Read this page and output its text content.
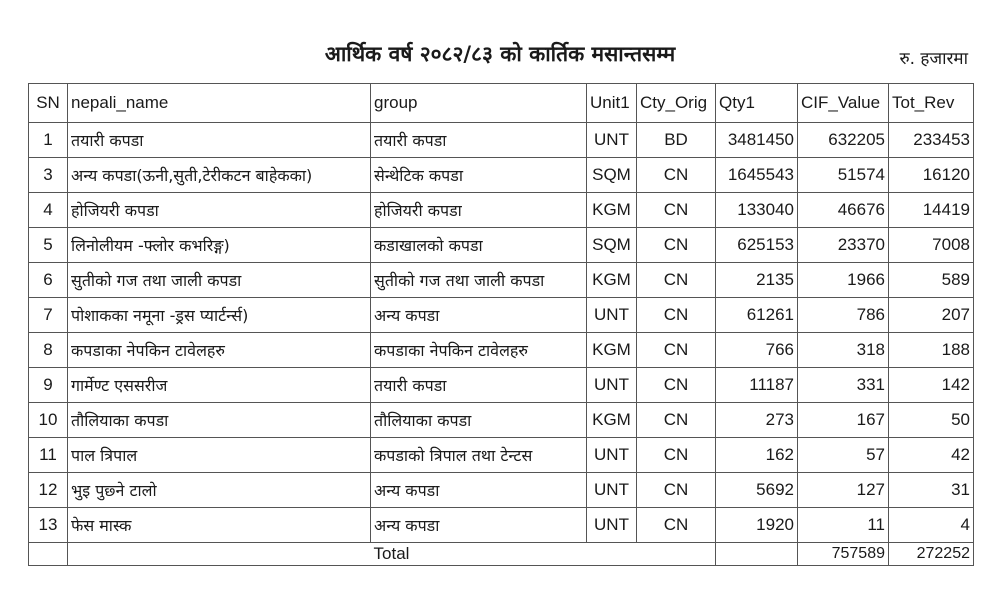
आर्थिक वर्ष २०८२/८३ को कार्तिक मसान्तसम्म	रु. हजारमा
SN	nepali_name	group	Unit1	Cty_Orig	Qty1	CIF_Value	Tot_Rev
1	तयारी कपडा	तयारी कपडा	UNT	BD	3481450	632205	233453
3	अन्य कपडा(ऊनी,सुती,टेरीकटन बाहेकका)	सेन्थेटिक कपडा	SQM	CN	1645543	51574	16120
4	होजियरी कपडा	होजियरी कपडा	KGM	CN	133040	46676	14419
5	लिनोलीयम -फ्लोर कभरिङ्ग)	कडाखालको कपडा	SQM	CN	625153	23370	7008
6	सुतीको गज तथा जाली कपडा	सुतीको गज तथा जाली कपडा	KGM	CN	2135	1966	589
7	पोशाकका नमूना -ड्रस प्यार्टर्न्स)	अन्य कपडा	UNT	CN	61261	786	207
8	कपडाका नेपकिन टावेलहरु	कपडाका नेपकिन टावेलहरु	KGM	CN	766	318	188
9	गार्मेण्ट एससरीज	तयारी कपडा	UNT	CN	11187	331	142
10	तौलियाका कपडा	तौलियाका कपडा	KGM	CN	273	167	50
11	पाल त्रिपाल	कपडाको त्रिपाल तथा टेन्टस	UNT	CN	162	57	42
12	भुइ पुछ्ने टालो	अन्य कपडा	UNT	CN	5692	127	31
13	फेस मास्क	अन्य कपडा	UNT	CN	1920	11	4
	Total					757589	272252
